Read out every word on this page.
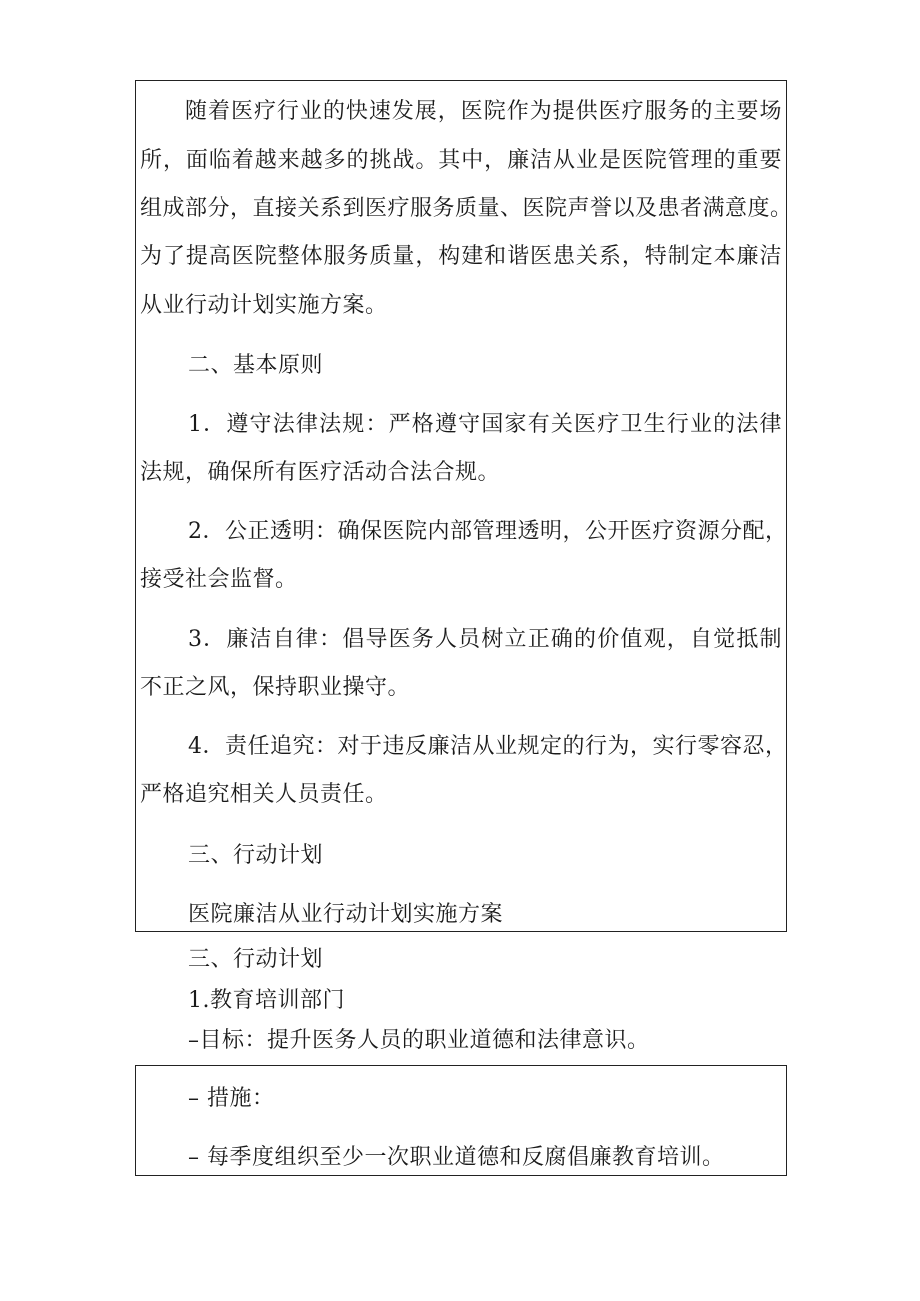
随着医疗行业的快速发展，医院作为提供医疗服务的主要场
所，面临着越来越多的挑战。其中，廉洁从业是医院管理的重要
组成部分，直接关系到医疗服务质量、医院声誉以及患者满意度。
为了提高医院整体服务质量，构建和谐医患关系，特制定本廉洁
从业行动计划实施方案。
二、基本原则
1．遵守法律法规：严格遵守国家有关医疗卫生行业的法律
法规，确保所有医疗活动合法合规。
2．公正透明：确保医院内部管理透明，公开医疗资源分配，
接受社会监督。
3．廉洁自律：倡导医务人员树立正确的价值观，自觉抵制
不正之风，保持职业操守。
4．责任追究：对于违反廉洁从业规定的行为，实行零容忍，
严格追究相关人员责任。
三、行动计划
医院廉洁从业行动计划实施方案
三、行动计划
1.教育培训部门
–目标：提升医务人员的职业道德和法律意识。
– 措施：
– 每季度组织至少一次职业道德和反腐倡廉教育培训。
